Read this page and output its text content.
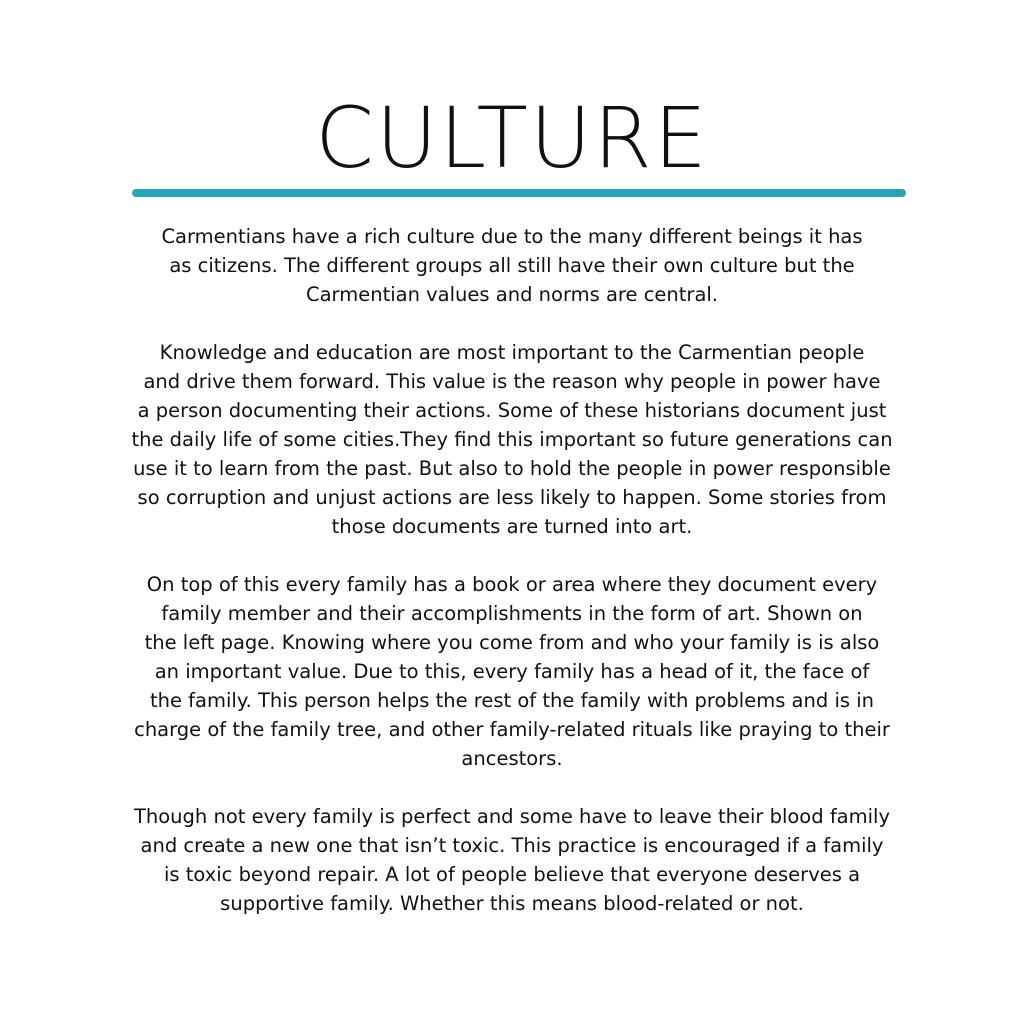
CULTURE

Carmentians have a rich culture due to the many different beings it has
as citizens. The different groups all still have their own culture but the
Carmentian values and norms are central.

Knowledge and education are most important to the Carmentian people
and drive them forward. This value is the reason why people in power have
a person documenting their actions. Some of these historians document just
the daily life of some cities.They find this important so future generations can
use it to learn from the past. But also to hold the people in power responsible
so corruption and unjust actions are less likely to happen. Some stories from
those documents are turned into art.

On top of this every family has a book or area where they document every
family member and their accomplishments in the form of art. Shown on
the left page. Knowing where you come from and who your family is is also
an important value. Due to this, every family has a head of it, the face of
the family. This person helps the rest of the family with problems and is in
charge of the family tree, and other family-related rituals like praying to their
ancestors.

Though not every family is perfect and some have to leave their blood family
and create a new one that isn’t toxic. This practice is encouraged if a family
is toxic beyond repair. A lot of people believe that everyone deserves a
supportive family. Whether this means blood-related or not.
